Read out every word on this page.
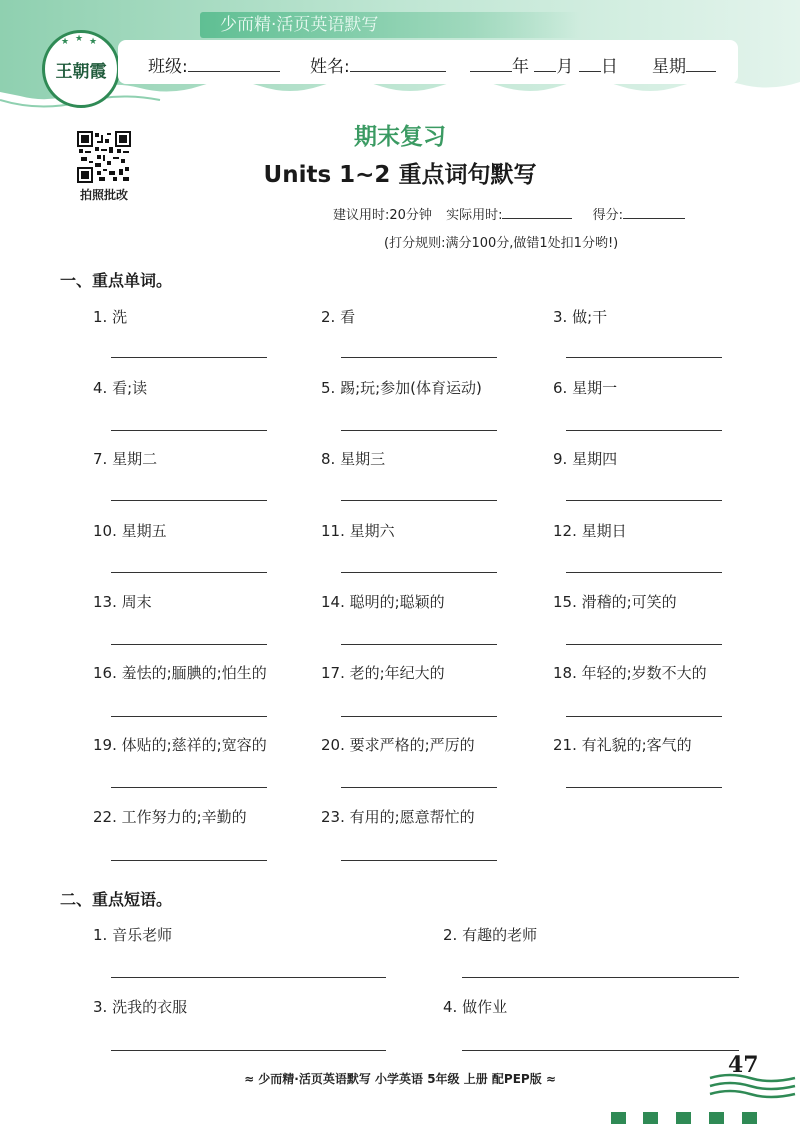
少而精·活页英语默写
★ ★ ★
王朝霞	班级:	姓名:	年 月 日 星期
拍照批改
期末复习
Units 1~2 重点词句默写
建议用时:20分钟 实际用时:	得分:
(打分规则:满分100分,做错1处扣1分哟!)
一、重点单词。
1. 洗	2. 看	3. 做;干
4. 看;读	5. 踢;玩;参加(体育运动)	6. 星期一
7. 星期二	8. 星期三	9. 星期四
10. 星期五	11. 星期六	12. 星期日
13. 周末	14. 聪明的;聪颖的	15. 滑稽的;可笑的
16. 羞怯的;腼腆的;怕生的	17. 老的;年纪大的	18. 年轻的;岁数不大的
19. 体贴的;慈祥的;宽容的	20. 要求严格的;严厉的	21. 有礼貌的;客气的
22. 工作努力的;辛勤的	23. 有用的;愿意帮忙的
二、重点短语。
1. 音乐老师	2. 有趣的老师
3. 洗我的衣服	4. 做作业
≈ 少而精·活页英语默写 小学英语 5年级 上册 配PEP版 ≈
47
